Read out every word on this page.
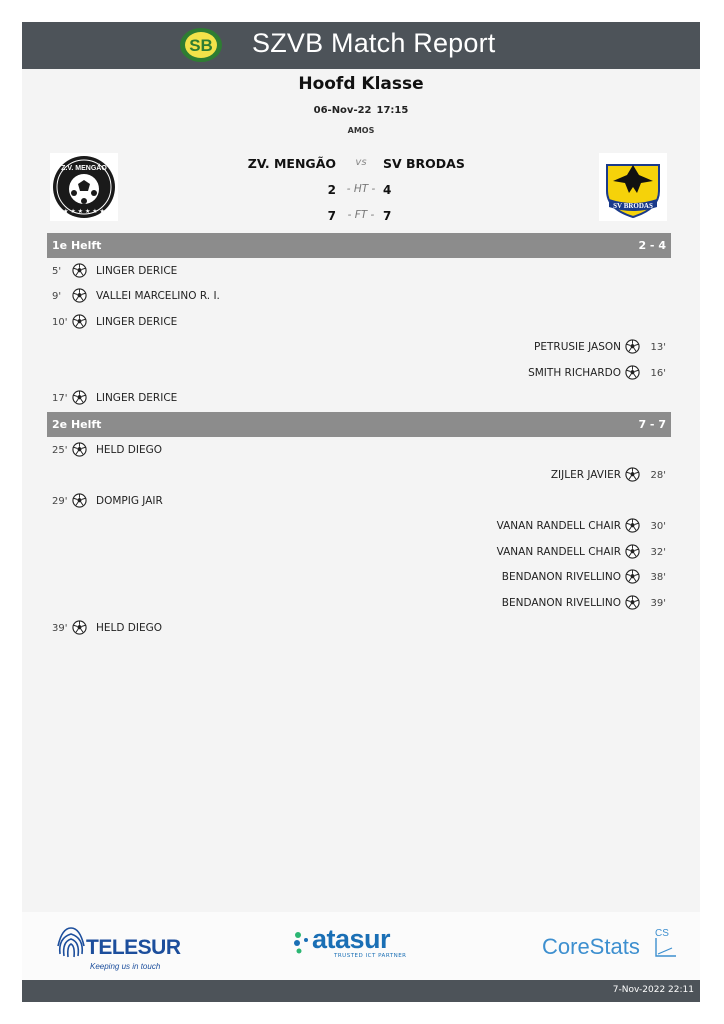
SB SZVB Match Report
Hoofd Klasse
06-Nov-22 17:15
AMOS
Z.V. MENGÃO
★ ★ ★ ★ ★ ★
SV BRODAS
ZV. MENGÃO	vs	SV BRODAS
2	- HT - 4
7	- FT - 7
1e Helft	2 - 4
5'	LINGER DERICE
9'	VALLEI MARCELINO R. I.
10'	LINGER DERICE
PETRUSIE JASON	13'
SMITH RICHARDO	16'
17'	LINGER DERICE
2e Helft	7 - 7
25'	HELD DIEGO
ZIJLER JAVIER	28'
29'	DOMPIG JAIR
VANAN RANDELL CHAIR	30'
VANAN RANDELL CHAIR	32'
BENDANON RIVELLINO	38'
BENDANON RIVELLINO	39'
39'	HELD DIEGO
TELESUR
Keeping us in touch
atasur
TRUSTED ICT PARTNER	CoreStats
CS
7-Nov-2022 22:11
